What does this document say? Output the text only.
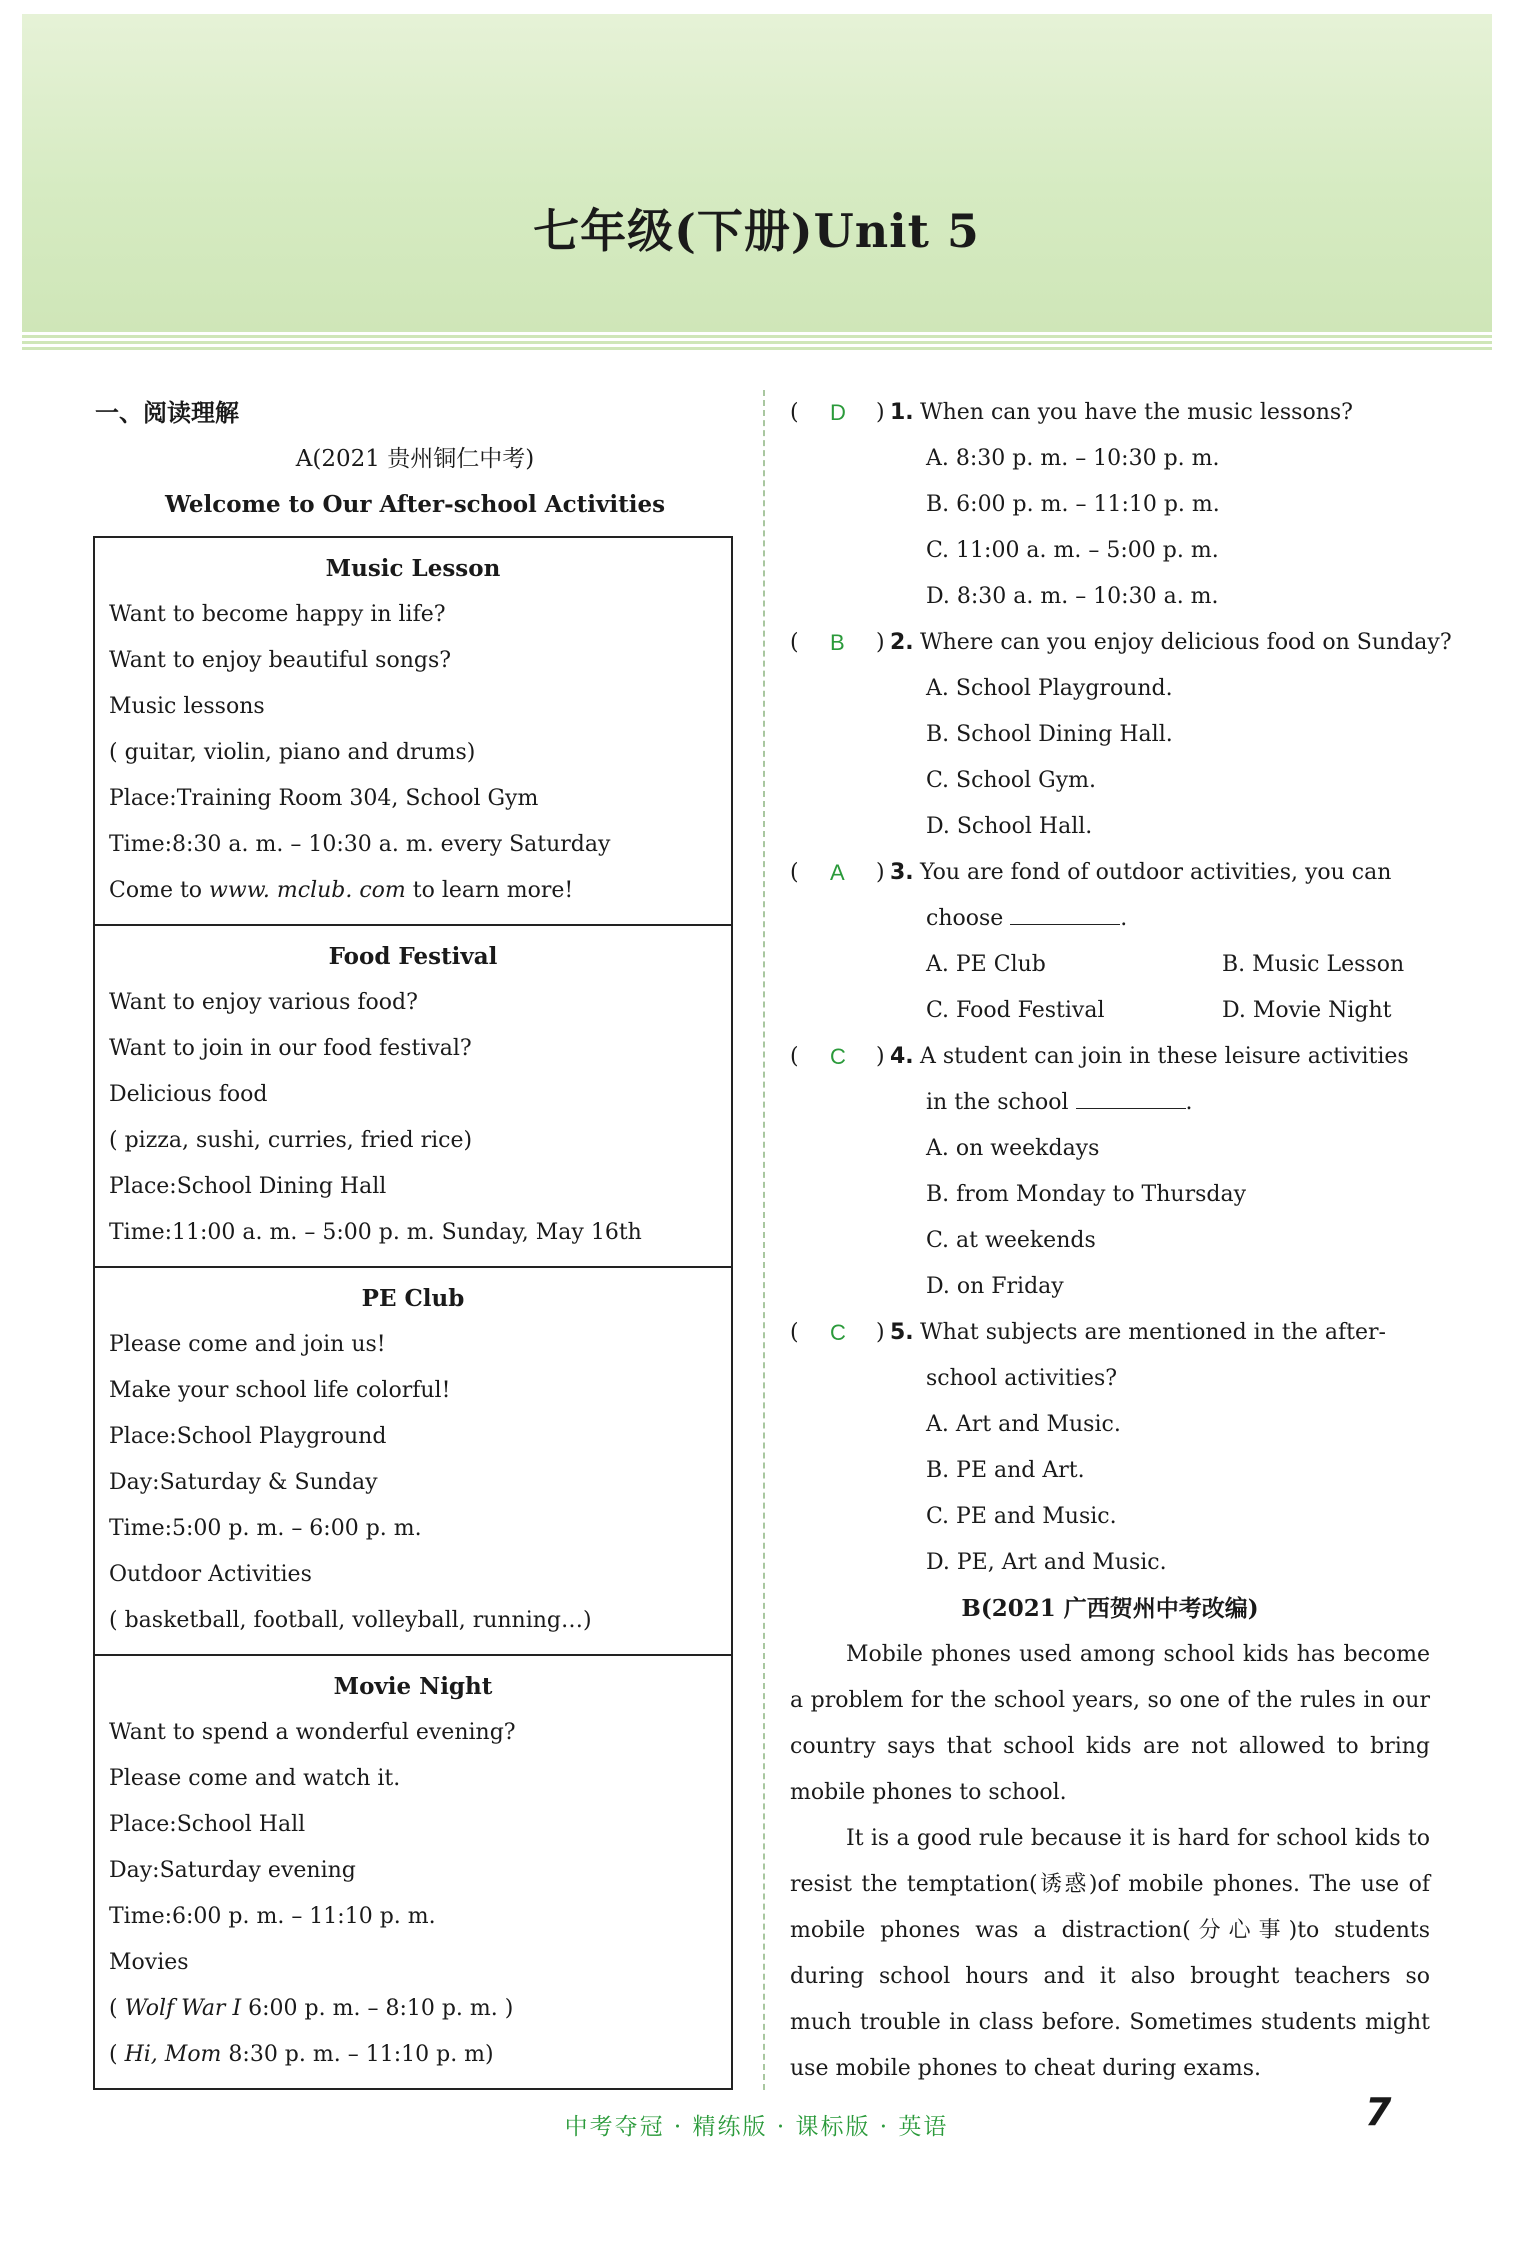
七年级(下册)Unit 5
一、阅读理解
A(2021 贵州铜仁中考)
Welcome to Our After-school Activities
Music Lesson
Want to become happy in life?
Want to enjoy beautiful songs?
Music lessons
( guitar, violin, piano and drums)
Place:Training Room 304, School Gym
Time:8:30 a. m. – 10:30 a. m. every Saturday
Come to www. mclub. com to learn more!
Food Festival
Want to enjoy various food?
Want to join in our food festival?
Delicious food
( pizza, sushi, curries, fried rice)
Place:School Dining Hall
Time:11:00 a. m. – 5:00 p. m. Sunday, May 16th
PE Club
Please come and join us!
Make your school life colorful!
Place:School Playground
Day:Saturday & Sunday
Time:5:00 p. m. – 6:00 p. m.
Outdoor Activities
( basketball, football, volleyball, running…)
Movie Night
Want to spend a wonderful evening?
Please come and watch it.
Place:School Hall
Day:Saturday evening
Time:6:00 p. m. – 11:10 p. m.
Movies
( Wolf War I 6:00 p. m. – 8:10 p. m. )
( Hi, Mom 8:30 p. m. – 11:10 p. m)
( D ) 1. When can you have the music lessons?
A. 8:30 p. m. – 10:30 p. m.
B. 6:00 p. m. – 11:10 p. m.
C. 11:00 a. m. – 5:00 p. m.
D. 8:30 a. m. – 10:30 a. m.
( B ) 2. Where can you enjoy delicious food on Sunday?
A. School Playground.
B. School Dining Hall.
C. School Gym.
D. School Hall.
( A ) 3. You are fond of outdoor activities, you can
choose	.
A. PE Club	B. Music Lesson
C. Food Festival	D. Movie Night
( C ) 4. A student can join in these leisure activities
in the school	.
A. on weekdays
B. from Monday to Thursday
C. at weekends
D. on Friday
( C ) 5. What subjects are mentioned in the after-
school activities?
A. Art and Music.
B. PE and Art.
C. PE and Music.
D. PE, Art and Music.
B(2021 广西贺州中考改编)

Mobile phones used among school kids has become a problem for the school years, so one of the rules in our country says that school kids are not allowed to bring mobile phones to school.

It is a good rule because it is hard for school kids to resist the temptation(诱惑)of mobile phones. The use of mobile phones was a distraction(分心事)to students during school hours and it also brought teachers so much trouble in class before. Sometimes students might use mobile phones to cheat during exams.

中考夺冠 · 精练版 · 课标版 · 英语	7
